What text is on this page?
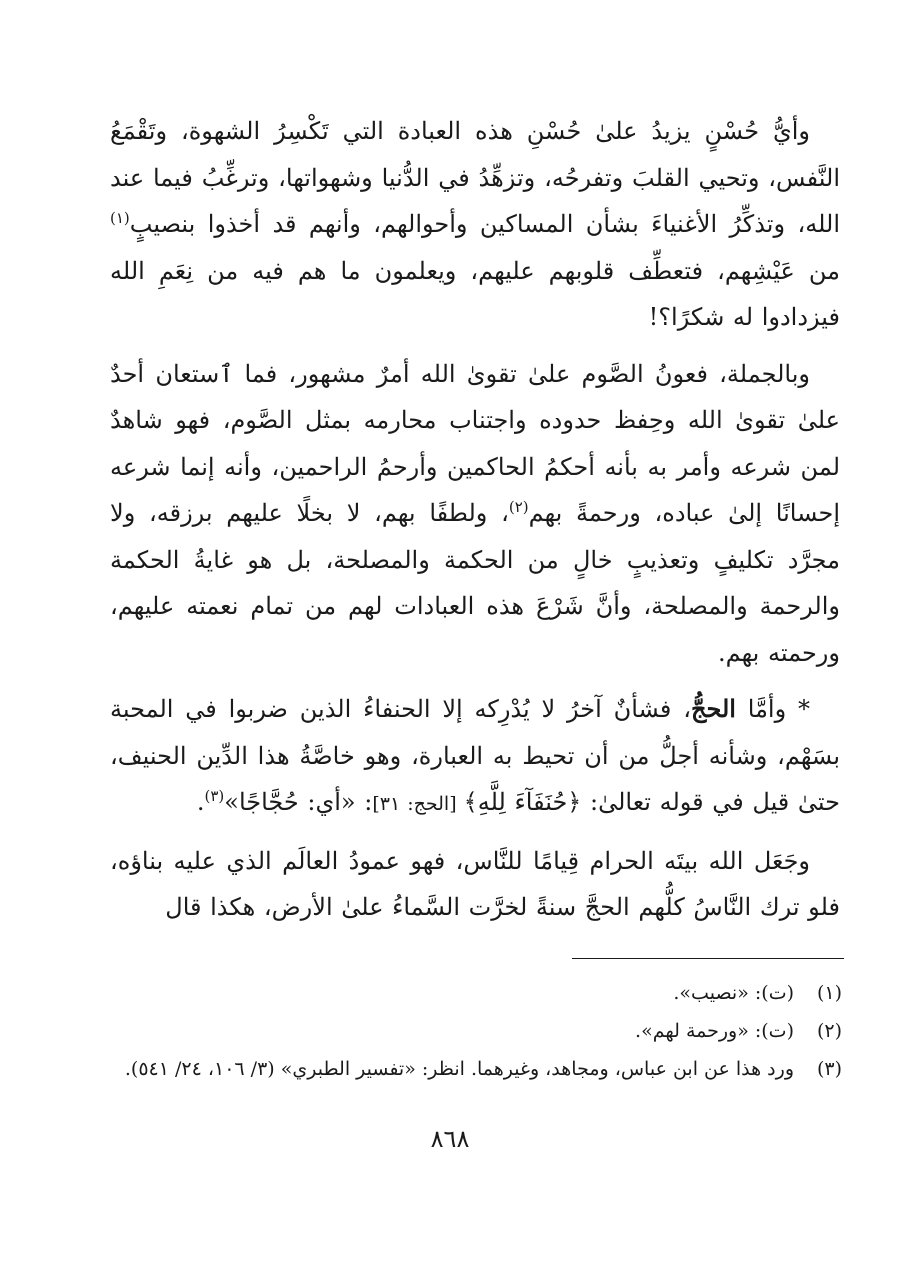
وأيُّ حُسْنٍ يزيدُ علىٰ حُسْنِ هذه العبادة التي تَكْسِرُ الشهوة، وتَقْمَعُ النَّفس، وتحيي القلبَ وتفرحُه، وتزهِّدُ في الدُّنيا وشهواتها، وترغِّبُ فيما عند الله، وتذكِّرُ الأغنياءَ بشأن المساكين وأحوالهم، وأنهم قد أخذوا بنصيبٍ$^{(١)}$ من عَيْشِهم، فتعطِّف قلوبهم عليهم، ويعلمون ما هم فيه من نِعَمِ الله فيزدادوا له شكرًا؟!

وبالجملة، فعونُ الصَّوم علىٰ تقوىٰ الله أمرٌ مشهور، فما ٱستعان أحدٌ علىٰ تقوىٰ الله وحِفظ حدوده واجتناب محارمه بمثل الصَّوم، فهو شاهدٌ لمن شرعه وأمر به بأنه أحكمُ الحاكمين وأرحمُ الراحمين، وأنه إنما شرعه إحسانًا إلىٰ عباده، ورحمةً بهم$^{(٢)}$، ولطفًا بهم، لا بخلًا عليهم برزقه، ولا مجرَّد تكليفٍ وتعذيبٍ خالٍ من الحكمة والمصلحة، بل هو غايةُ الحكمة والرحمة والمصلحة، وأنَّ شَرْعَ هذه العبادات لهم من تمام نعمته عليهم، ورحمته بهم.

* وأمَّا الحجُّ، فشأنٌ آخرُ لا يُدْرِكه إلا الحنفاءُ الذين ضربوا في المحبة بسَهْم، وشأنه أجلُّ من أن تحيط به العبارة، وهو خاصَّةُ هذا الدِّين الحنيف، حتىٰ قيل في قوله تعالىٰ: ﴿حُنَفَآءَ لِلَّهِ﴾ [الحج: ٣١]: «أي: حُجَّاجًا»$^{(٣)}$.

وجَعَل الله بيتَه الحرام قِيامًا للنَّاس، فهو عمودُ العالَم الذي عليه بناؤه، فلو ترك النَّاسُ كلُّهم الحجَّ سنةً لخرَّت السَّماءُ علىٰ الأرض، هكذا قال

(١)
(ت): «نصيب».
(٢)
(ت): «ورحمة لهم».
(٣)
ورد هذا عن ابن عباس، ومجاهد، وغيرهما. انظر: «تفسير الطبري» (٣/ ١٠٦، ٢٤/ ٥٤١).
٨٦٨
